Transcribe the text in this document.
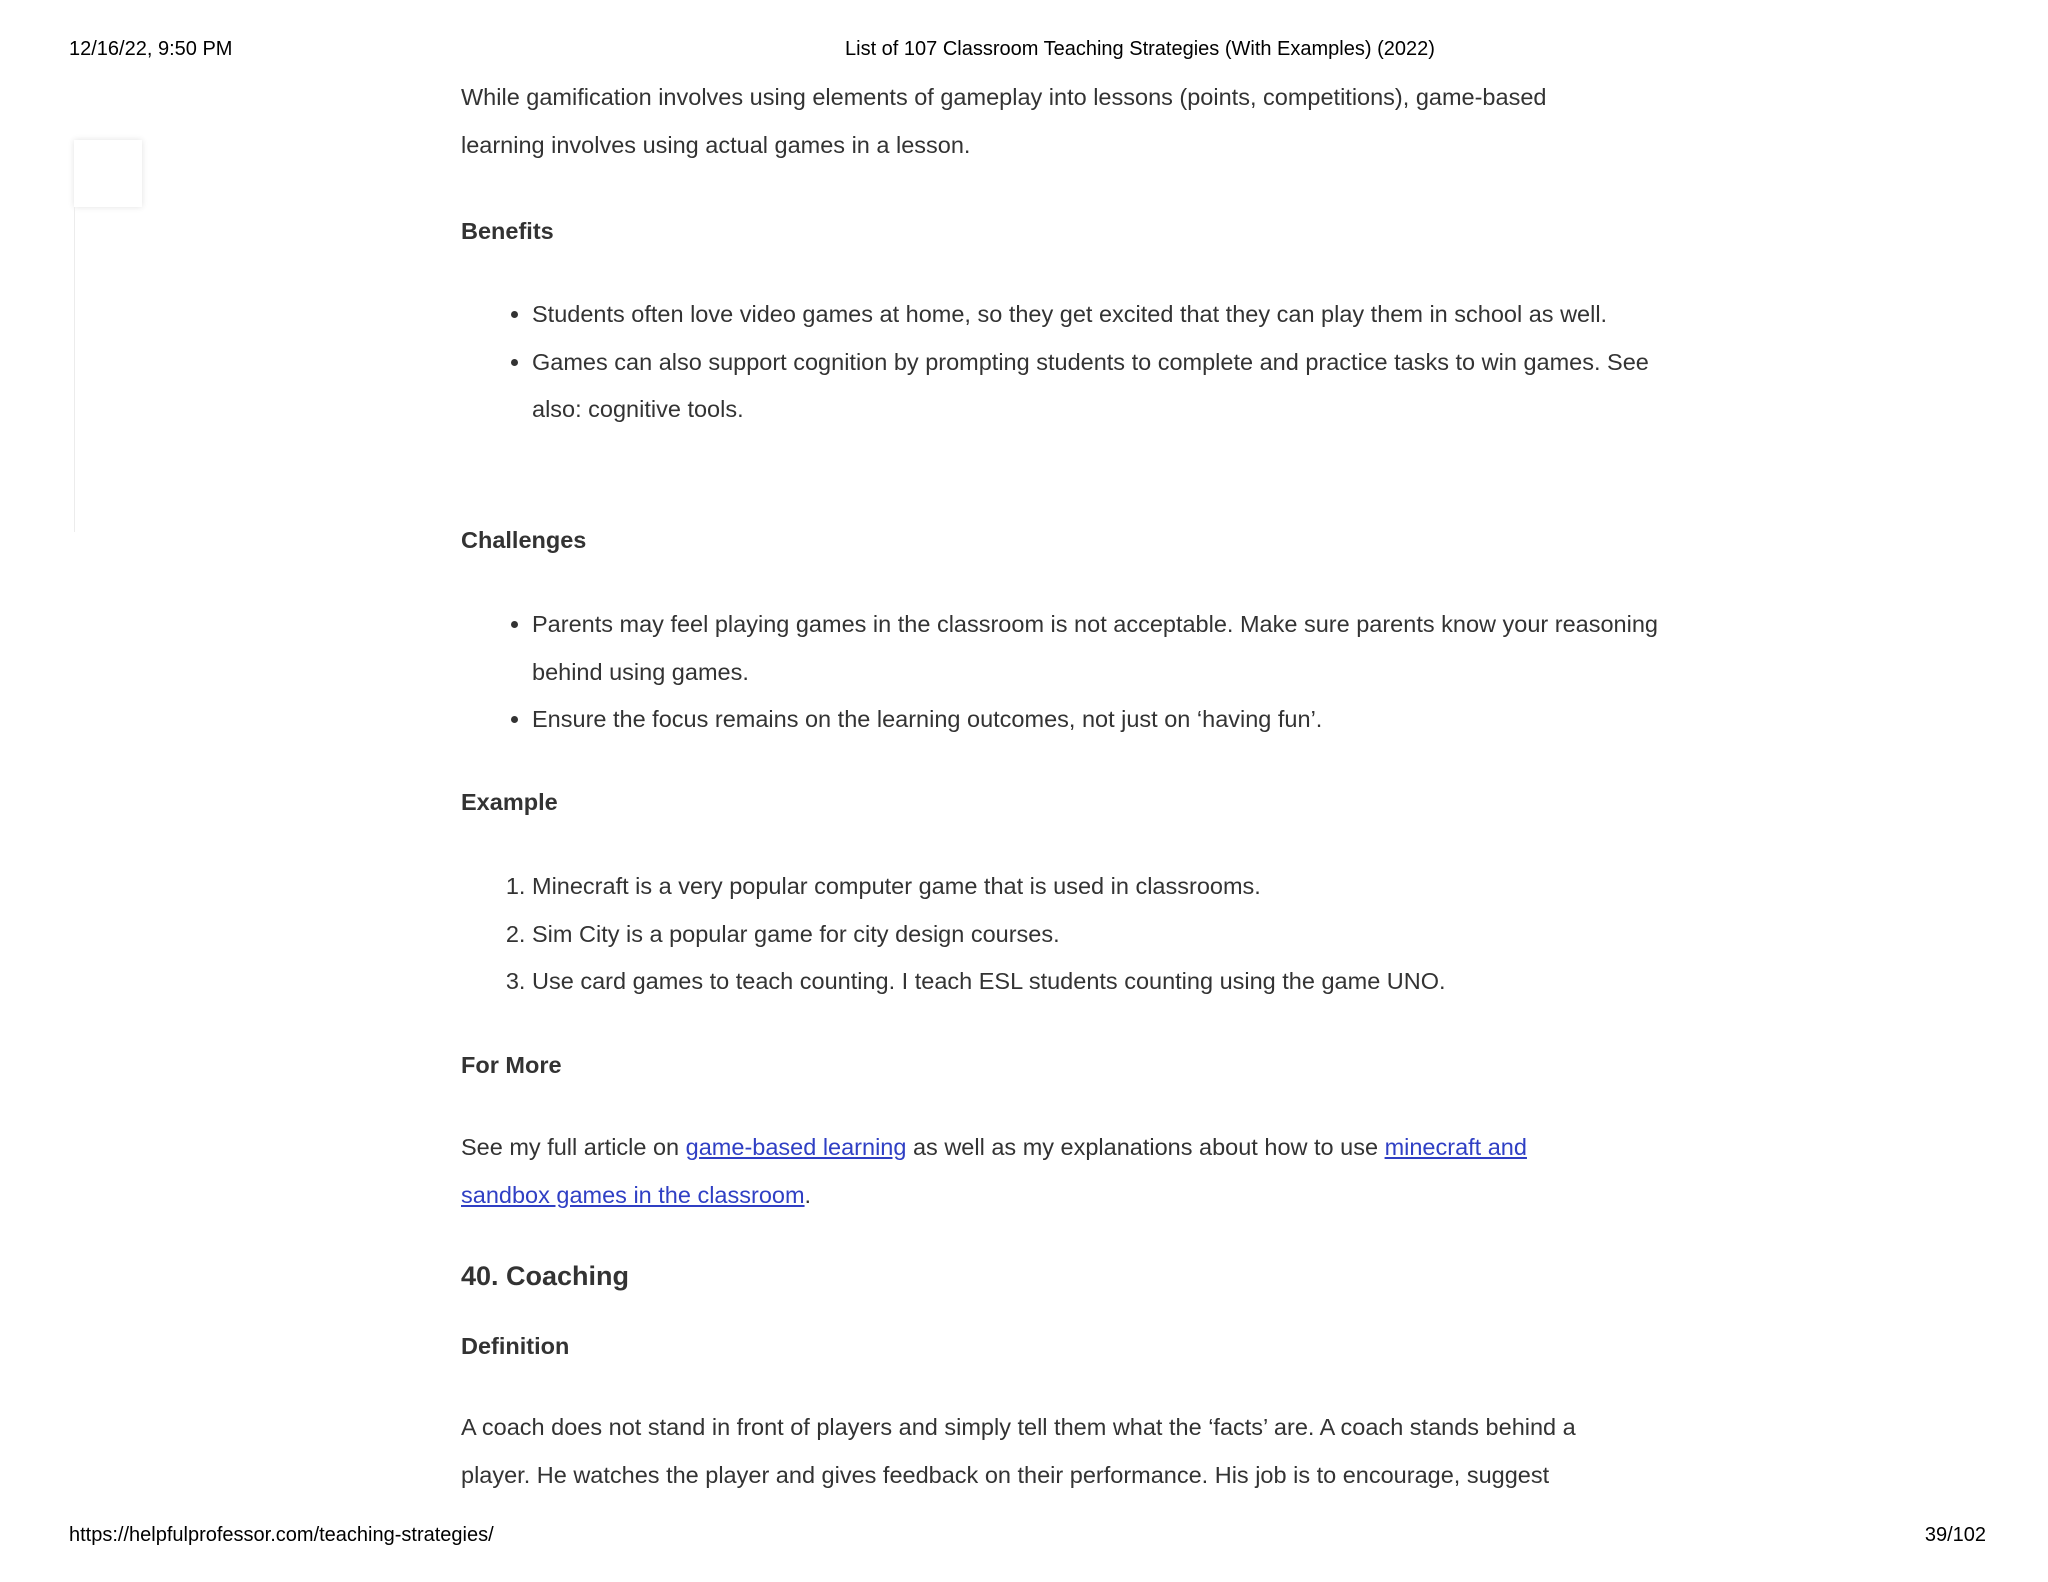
12/16/22, 9:50 PM	List of 107 Classroom Teaching Strategies (With Examples) (2022)

While gamification involves using elements of gameplay into lessons (points, competitions), game-based learning involves using actual games in a lesson.

Benefits
• Students often love video games at home, so they get excited that they can play them in school as well.
• Games can also support cognition by prompting students to complete and practice tasks to win games. See also: cognitive tools.
Challenges
• Parents may feel playing games in the classroom is not acceptable. Make sure parents know your reasoning behind using games.
• Ensure the focus remains on the learning outcomes, not just on ‘having fun’.
Example
1. Minecraft is a very popular computer game that is used in classrooms.
2. Sim City is a popular game for city design courses.
3. Use card games to teach counting. I teach ESL students counting using the game UNO.
For More

See my full article on game-based learning as well as my explanations about how to use minecraft and sandbox games in the classroom.

40. Coaching
Definition

A coach does not stand in front of players and simply tell them what the ‘facts’ are. A coach stands behind a player. He watches the player and gives feedback on their performance. His job is to encourage, suggest

https://helpfulprofessor.com/teaching-strategies/	39/102
